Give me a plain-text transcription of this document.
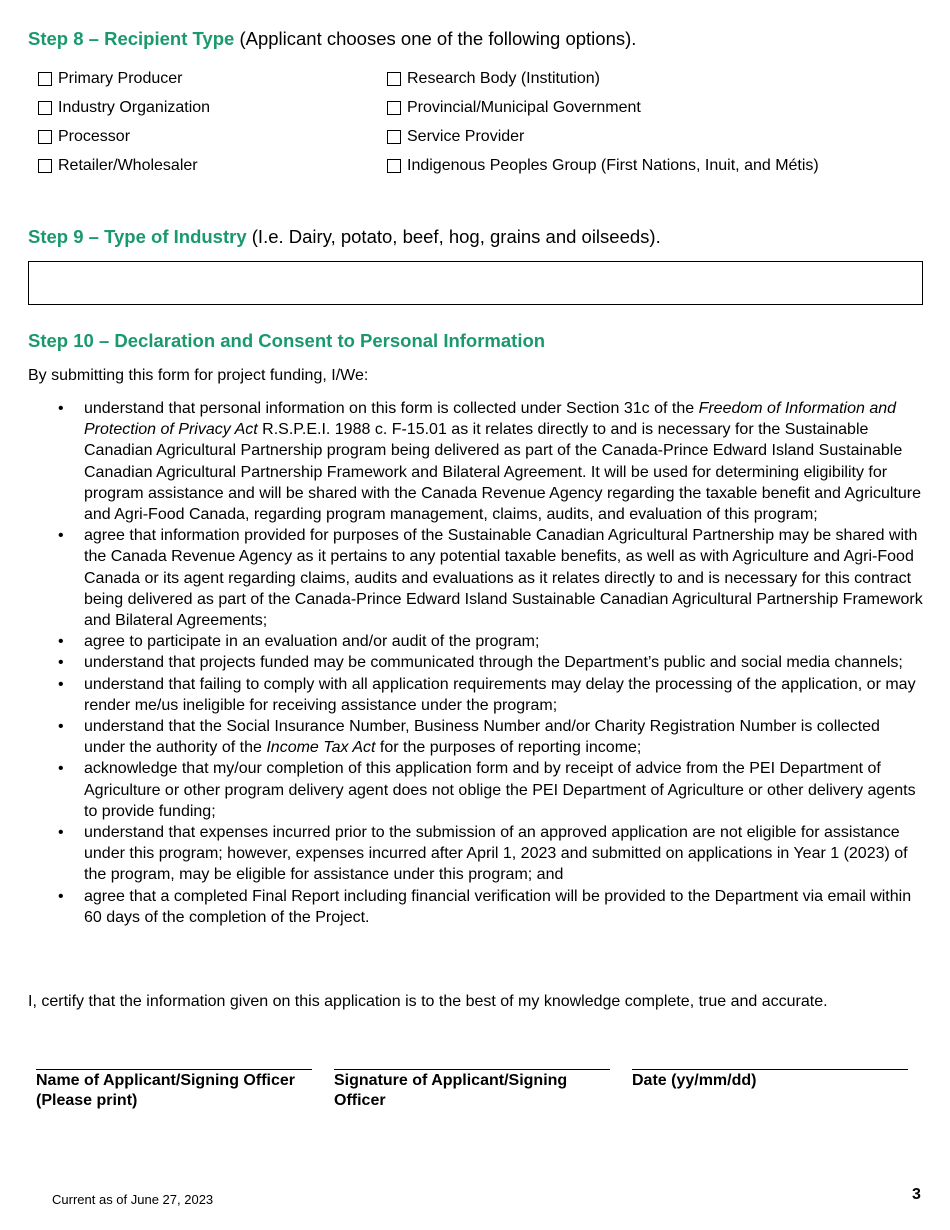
Step 8 – Recipient Type (Applicant chooses one of the following options).
Primary Producer
Industry Organization
Processor
Retailer/Wholesaler
Research Body (Institution)
Provincial/Municipal Government
Service Provider
Indigenous Peoples Group (First Nations, Inuit, and Métis)
Step 9 – Type of Industry (I.e. Dairy, potato, beef, hog, grains and oilseeds).
Step 10 – Declaration and Consent to Personal Information
By submitting this form for project funding, I/We:
• understand that personal information on this form is collected under Section 31c of the Freedom of Information and Protection of Privacy Act R.S.P.E.I. 1988 c. F-15.01 as it relates directly to and is necessary for the Sustainable Canadian Agricultural Partnership program being delivered as part of the Canada-Prince Edward Island Sustainable Canadian Agricultural Partnership Framework and Bilateral Agreement. It will be used for determining eligibility for program assistance and will be shared with the Canada Revenue Agency regarding the taxable benefit and Agriculture and Agri-Food Canada, regarding program management, claims, audits, and evaluation of this program;
• agree that information provided for purposes of the Sustainable Canadian Agricultural Partnership may be shared with the Canada Revenue Agency as it pertains to any potential taxable benefits, as well as with Agriculture and Agri-Food Canada or its agent regarding claims, audits and evaluations as it relates directly to and is necessary for this contract being delivered as part of the Canada-Prince Edward Island Sustainable Canadian Agricultural Partnership Framework and Bilateral Agreements;
• agree to participate in an evaluation and/or audit of the program;
• understand that projects funded may be communicated through the Department’s public and social media channels;
• understand that failing to comply with all application requirements may delay the processing of the application, or may render me/us ineligible for receiving assistance under the program;
• understand that the Social Insurance Number, Business Number and/or Charity Registration Number is collected under the authority of the Income Tax Act for the purposes of reporting income;
• acknowledge that my/our completion of this application form and by receipt of advice from the PEI Department of Agriculture or other program delivery agent does not oblige the PEI Department of Agriculture or other delivery agents to provide funding;
• understand that expenses incurred prior to the submission of an approved application are not eligible for assistance under this program; however, expenses incurred after April 1, 2023 and submitted on applications in Year 1 (2023) of the program, may be eligible for assistance under this program; and
• agree that a completed Final Report including financial verification will be provided to the Department via email within 60 days of the completion of the Project.
I, certify that the information given on this application is to the best of my knowledge complete, true and accurate.
Name of Applicant/Signing Officer
(Please print)
Signature of Applicant/Signing
Officer
Date (yy/mm/dd)
Current as of June 27, 2023	3
